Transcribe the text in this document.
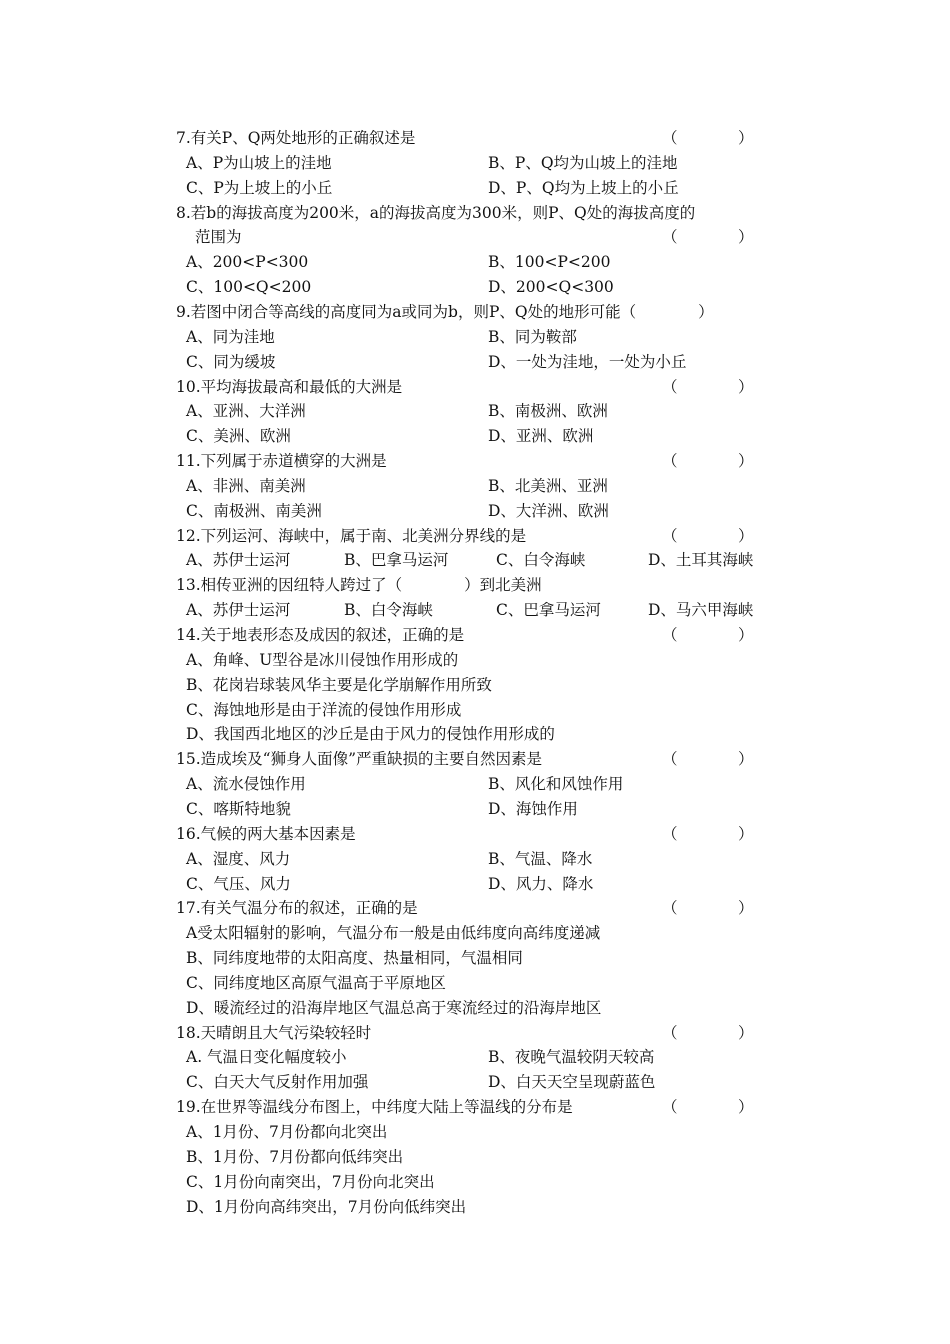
7.有关P、Q两处地形的正确叙述是	（	）
A、P为山坡上的洼地	B、P、Q均为山坡上的洼地
C、P为上坡上的小丘	D、P、Q均为上坡上的小丘
8.若b的海拔高度为200米，a的海拔高度为300米，则P、Q处的海拔高度的
范围为	（	）
A、200<P<300	B、100<P<200
C、100<Q<200	D、200<Q<300
9.若图中闭合等高线的高度同为a或同为b，则P、Q处的地形可能（　　　　）
A、同为洼地	B、同为鞍部
C、同为缓坡	D、一处为洼地，一处为小丘
10.平均海拔最高和最低的大洲是	（	）
A、亚洲、大洋洲	B、南极洲、欧洲
C、美洲、欧洲	D、亚洲、欧洲
11.下列属于赤道横穿的大洲是	（	）
A、非洲、南美洲	B、北美洲、亚洲
C、南极洲、南美洲	D、大洋洲、欧洲
12.下列运河、海峡中，属于南、北美洲分界线的是	（	）
A、苏伊士运河	B、巴拿马运河	C、白令海峡	D、土耳其海峡
13.相传亚洲的因纽特人跨过了（　　　　）到北美洲
A、苏伊士运河	B、白令海峡	C、巴拿马运河	D、马六甲海峡
14.关于地表形态及成因的叙述，正确的是	（	）
A、角峰、U型谷是冰川侵蚀作用形成的
B、花岗岩球装风华主要是化学崩解作用所致
C、海蚀地形是由于洋流的侵蚀作用形成
D、我国西北地区的沙丘是由于风力的侵蚀作用形成的
15.造成埃及“狮身人面像”严重缺损的主要自然因素是	（	）
A、流水侵蚀作用	B、风化和风蚀作用
C、喀斯特地貌	D、海蚀作用
16.气候的两大基本因素是	（	）
A、湿度、风力	B、气温、降水
C、气压、风力	D、风力、降水
17.有关气温分布的叙述，正确的是	（	）
A受太阳辐射的影响，气温分布一般是由低纬度向高纬度递减
B、同纬度地带的太阳高度、热量相同，气温相同
C、同纬度地区高原气温高于平原地区
D、暖流经过的沿海岸地区气温总高于寒流经过的沿海岸地区
18.天晴朗且大气污染较轻时	（	）
A. 气温日变化幅度较小	B、夜晚气温较阴天较高
C、白天大气反射作用加强	D、白天天空呈现蔚蓝色
19.在世界等温线分布图上，中纬度大陆上等温线的分布是	（	）
A、1月份、7月份都向北突出
B、1月份、7月份都向低纬突出
C、1月份向南突出，7月份向北突出
D、1月份向高纬突出，7月份向低纬突出
